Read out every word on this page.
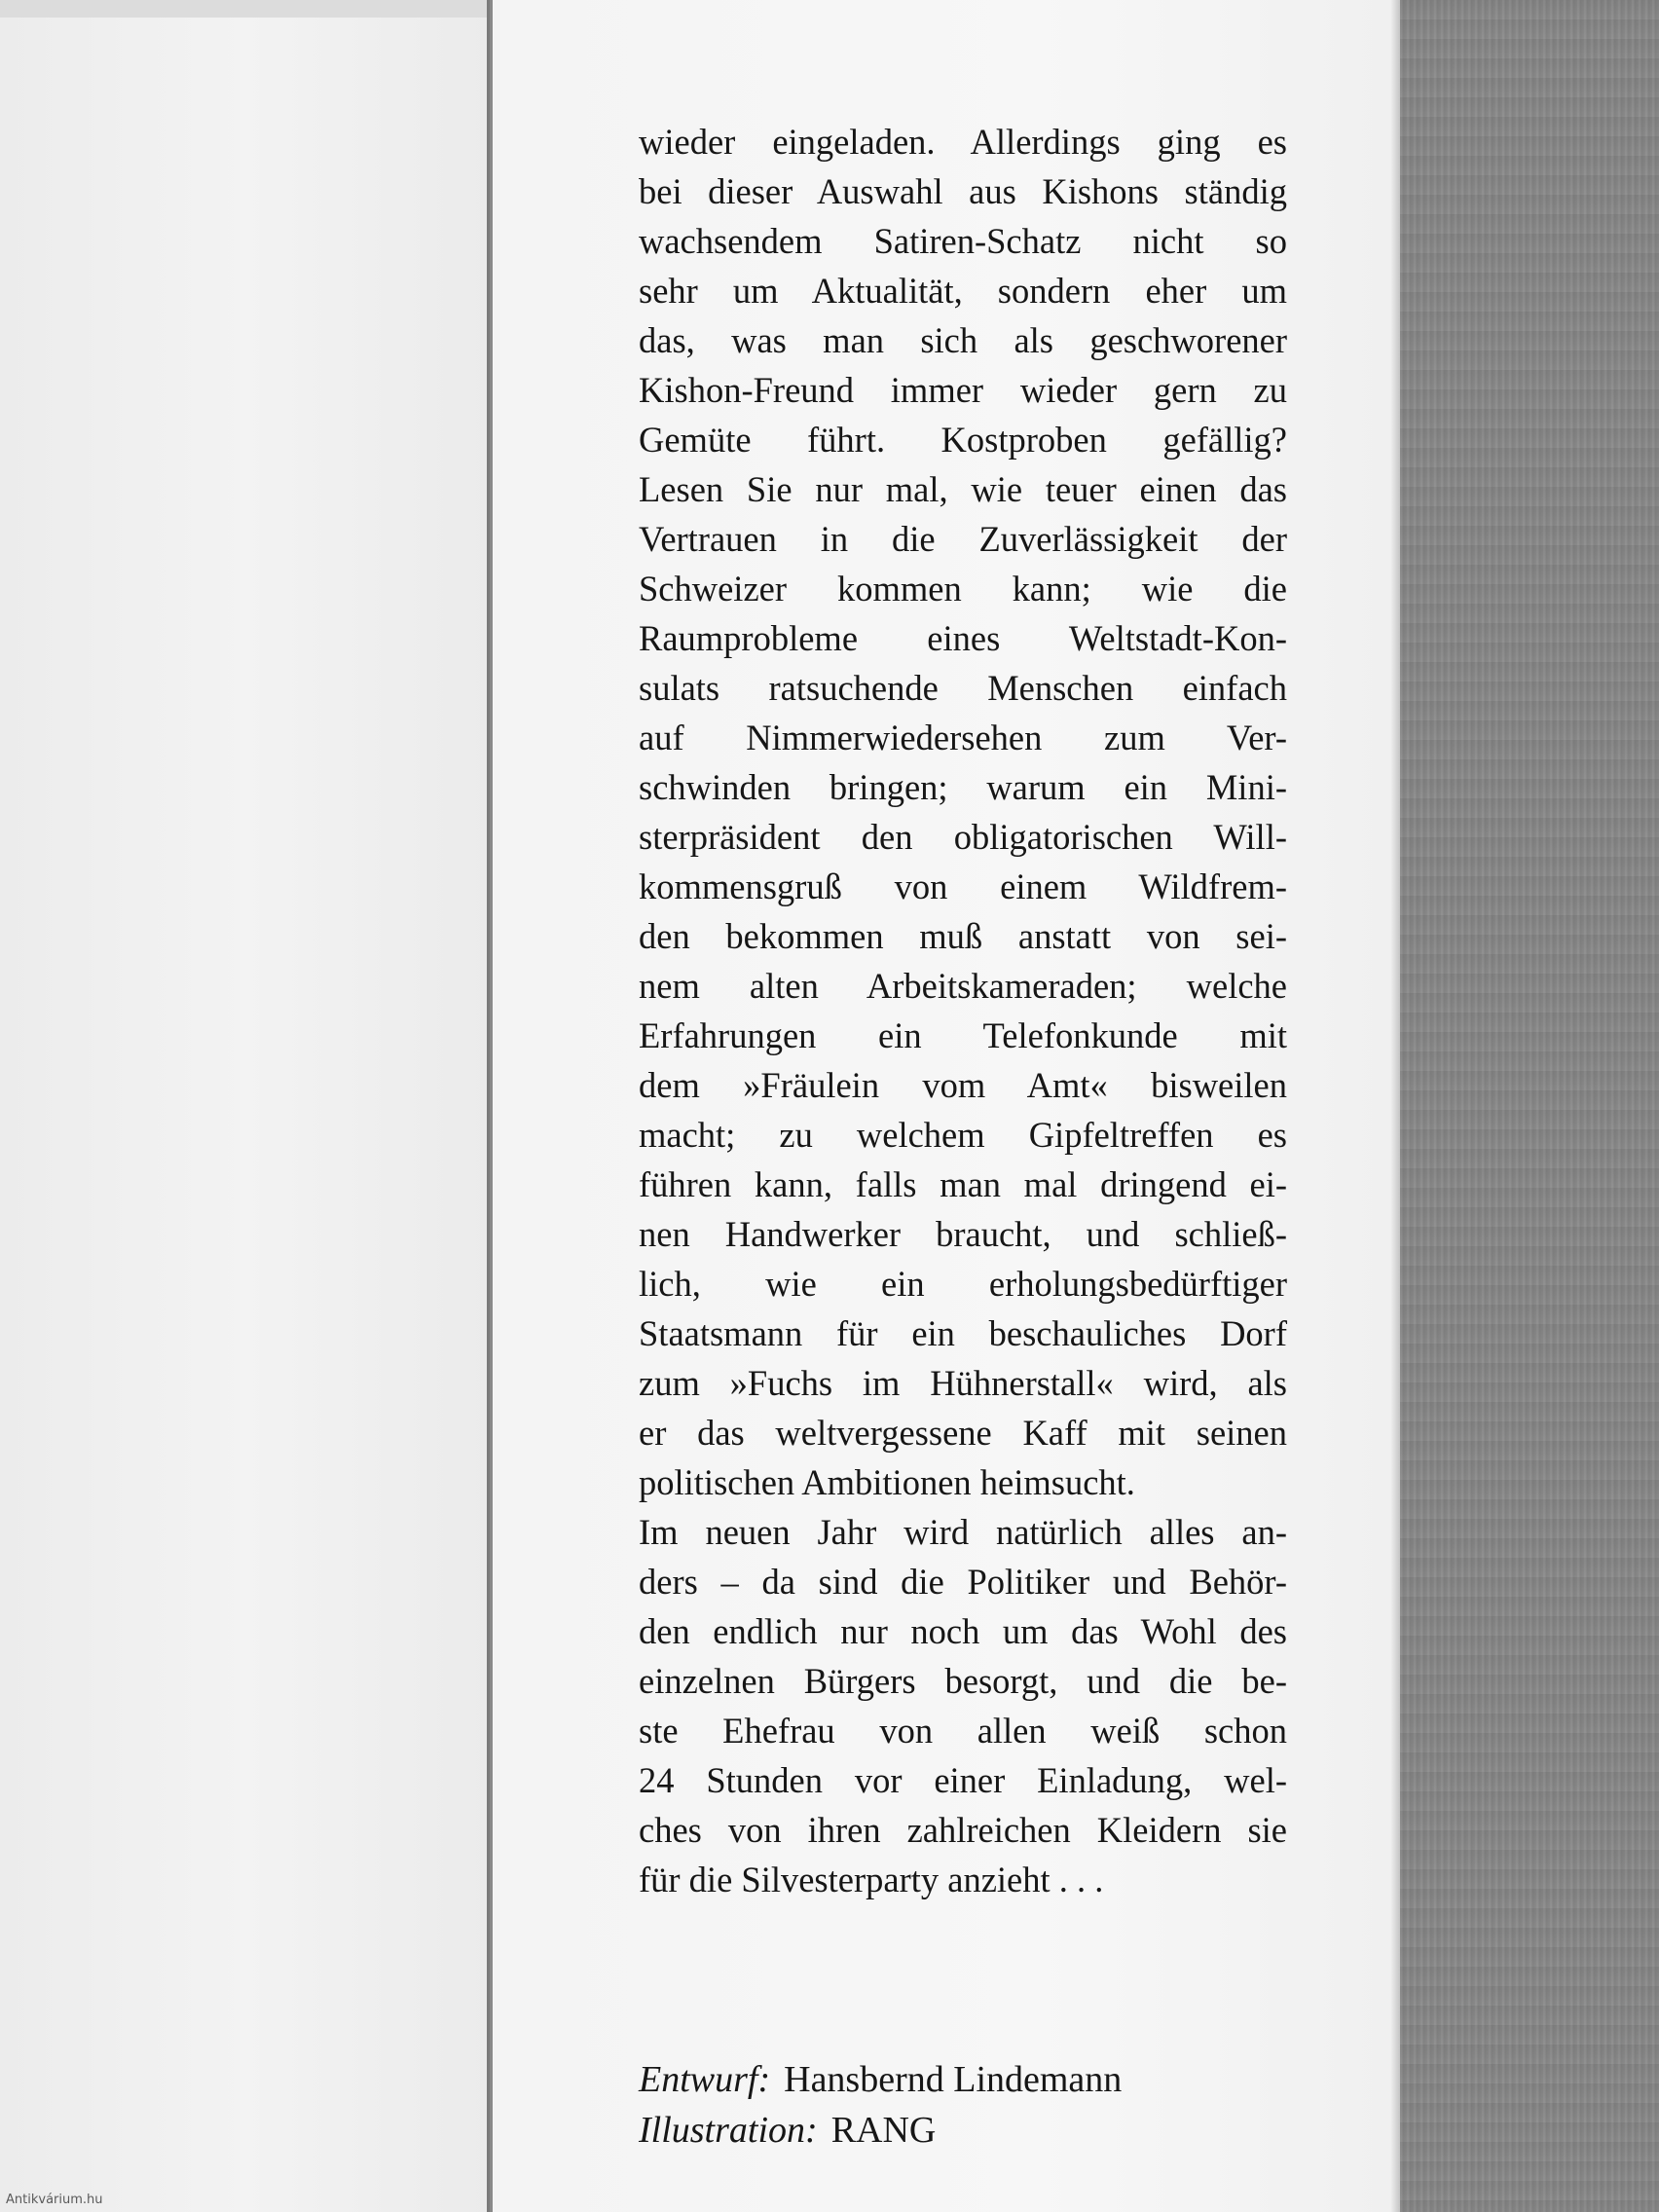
wieder eingeladen. Allerdings ging es
bei dieser Auswahl aus Kishons ständig
wachsendem Satiren-Schatz nicht so
sehr um Aktualität, sondern eher um
das, was man sich als geschworener
Kishon-Freund immer wieder gern zu
Gemüte führt. Kostproben gefällig?
Lesen Sie nur mal, wie teuer einen das
Vertrauen in die Zuverlässigkeit der
Schweizer kommen kann; wie die
Raumprobleme eines Weltstadt-Kon-
sulats ratsuchende Menschen einfach
auf Nimmerwiedersehen zum Ver-
schwinden bringen; warum ein Mini-
sterpräsident den obligatorischen Will-
kommensgruß von einem Wildfrem-
den bekommen muß anstatt von sei-
nem alten Arbeitskameraden; welche
Erfahrungen ein Telefonkunde mit
dem »Fräulein vom Amt« bisweilen
macht; zu welchem Gipfeltreffen es
führen kann, falls man mal dringend ei-
nen Handwerker braucht, und schließ-
lich, wie ein erholungsbedürftiger
Staatsmann für ein beschauliches Dorf
zum »Fuchs im Hühnerstall« wird, als
er das weltvergessene Kaff mit seinen
politischen Ambitionen heimsucht.
Im neuen Jahr wird natürlich alles an-
ders – da sind die Politiker und Behör-
den endlich nur noch um das Wohl des
einzelnen Bürgers besorgt, und die be-
ste Ehefrau von allen weiß schon
24 Stunden vor einer Einladung, wel-
ches von ihren zahlreichen Kleidern sie
für die Silvesterparty anzieht . . .
Entwurf: Hansbernd Lindemann
Illustration: RANG
Antikvárium.hu
